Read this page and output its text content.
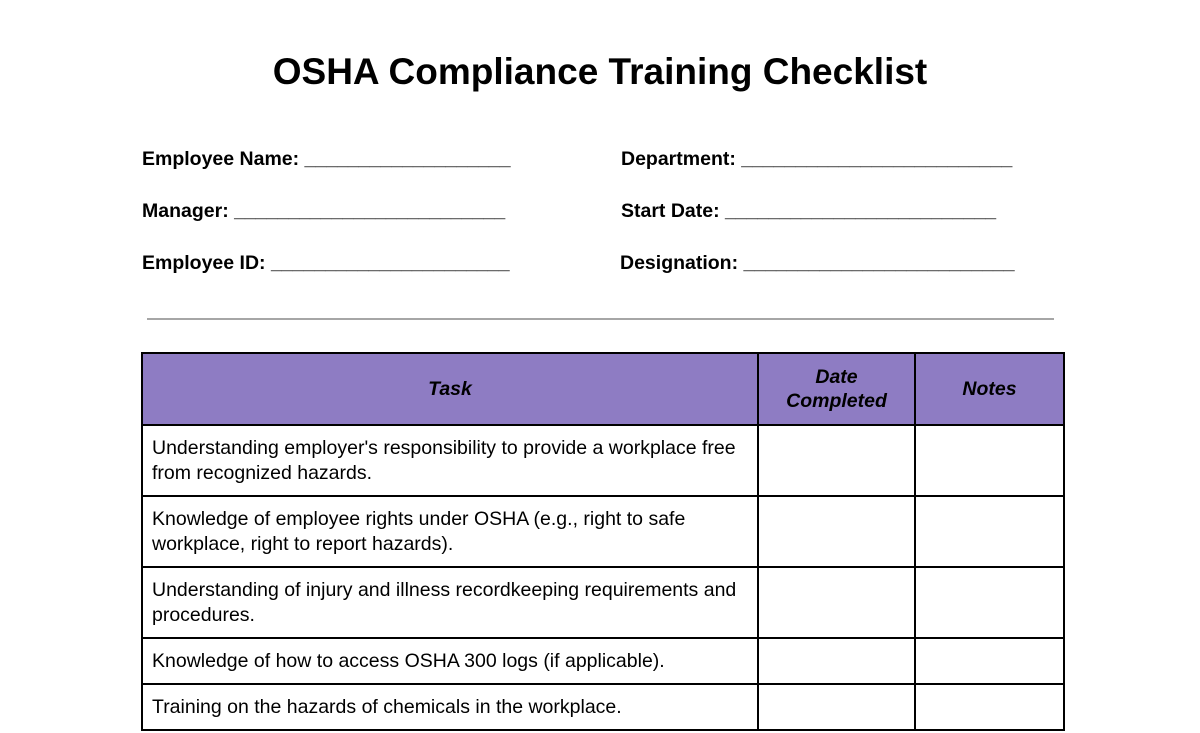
OSHA Compliance Training Checklist
Employee Name: ___________________	Department: _________________________
Manager: _________________________	Start Date: _________________________
Employee ID: ______________________	Designation: _________________________
Task	Date Completed	Notes
Understanding employer's responsibility to provide a workplace free from recognized hazards.		
Knowledge of employee rights under OSHA (e.g., right to safe workplace, right to report hazards).		
Understanding of injury and illness recordkeeping requirements and procedures.		
Knowledge of how to access OSHA 300 logs (if applicable).		
Training on the hazards of chemicals in the workplace.		
